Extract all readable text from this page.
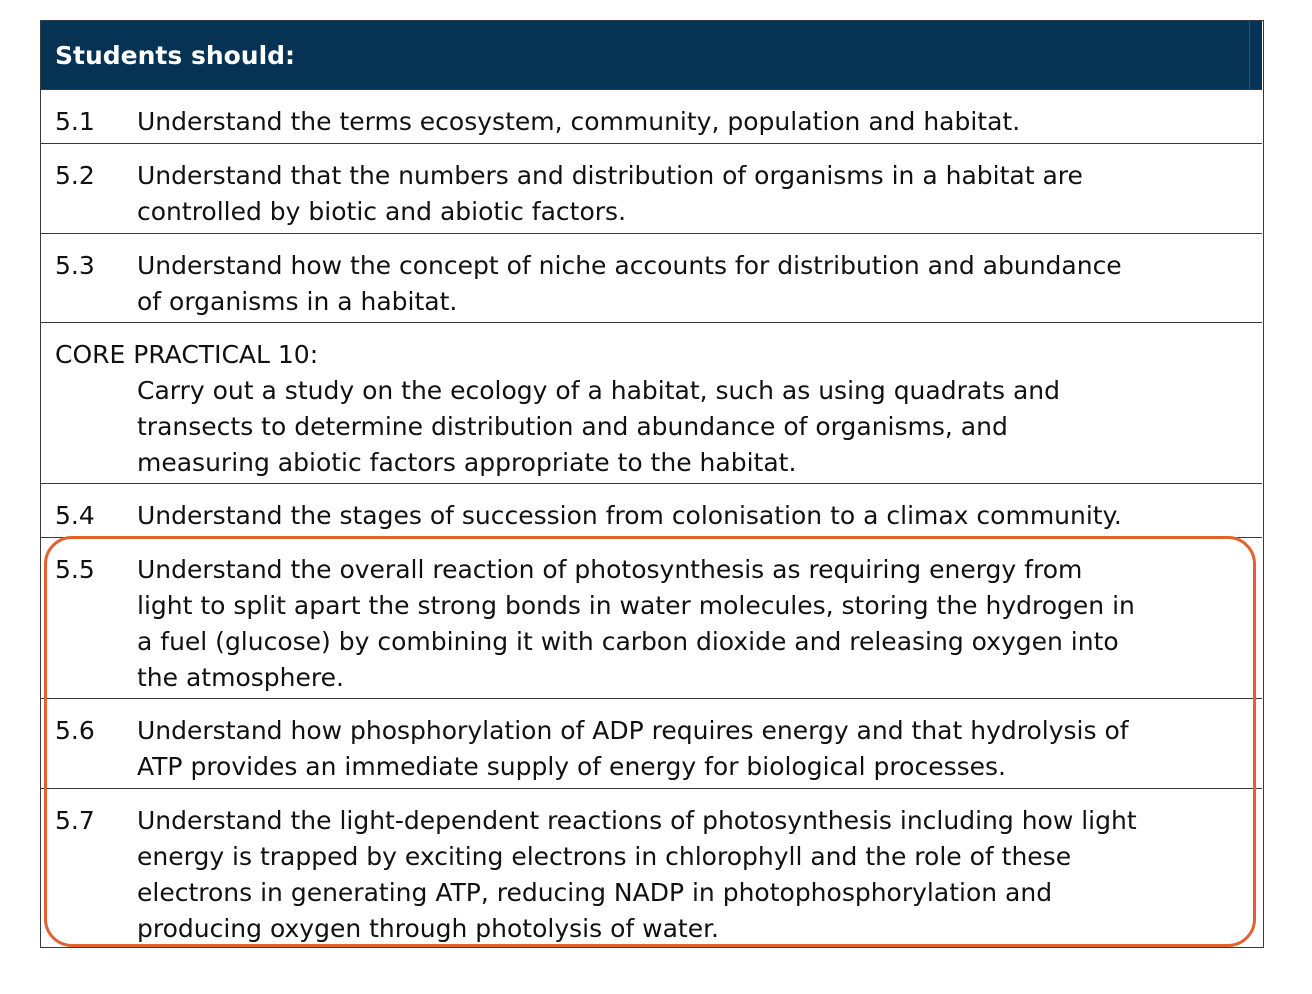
Students should:
5.1 Understand the terms ecosystem, community, population and habitat.
5.2 Understand that the numbers and distribution of organisms in a habitat are
controlled by biotic and abiotic factors.
5.3 Understand how the concept of niche accounts for distribution and abundance
of organisms in a habitat.
CORE PRACTICAL 10:
Carry out a study on the ecology of a habitat, such as using quadrats and
transects to determine distribution and abundance of organisms, and
measuring abiotic factors appropriate to the habitat.
5.4 Understand the stages of succession from colonisation to a climax community.
5.5 Understand the overall reaction of photosynthesis as requiring energy from
light to split apart the strong bonds in water molecules, storing the hydrogen in
a fuel (glucose) by combining it with carbon dioxide and releasing oxygen into
the atmosphere.
5.6 Understand how phosphorylation of ADP requires energy and that hydrolysis of
ATP provides an immediate supply of energy for biological processes.
5.7 Understand the light-dependent reactions of photosynthesis including how light
energy is trapped by exciting electrons in chlorophyll and the role of these
electrons in generating ATP, reducing NADP in photophosphorylation and
producing oxygen through photolysis of water.
